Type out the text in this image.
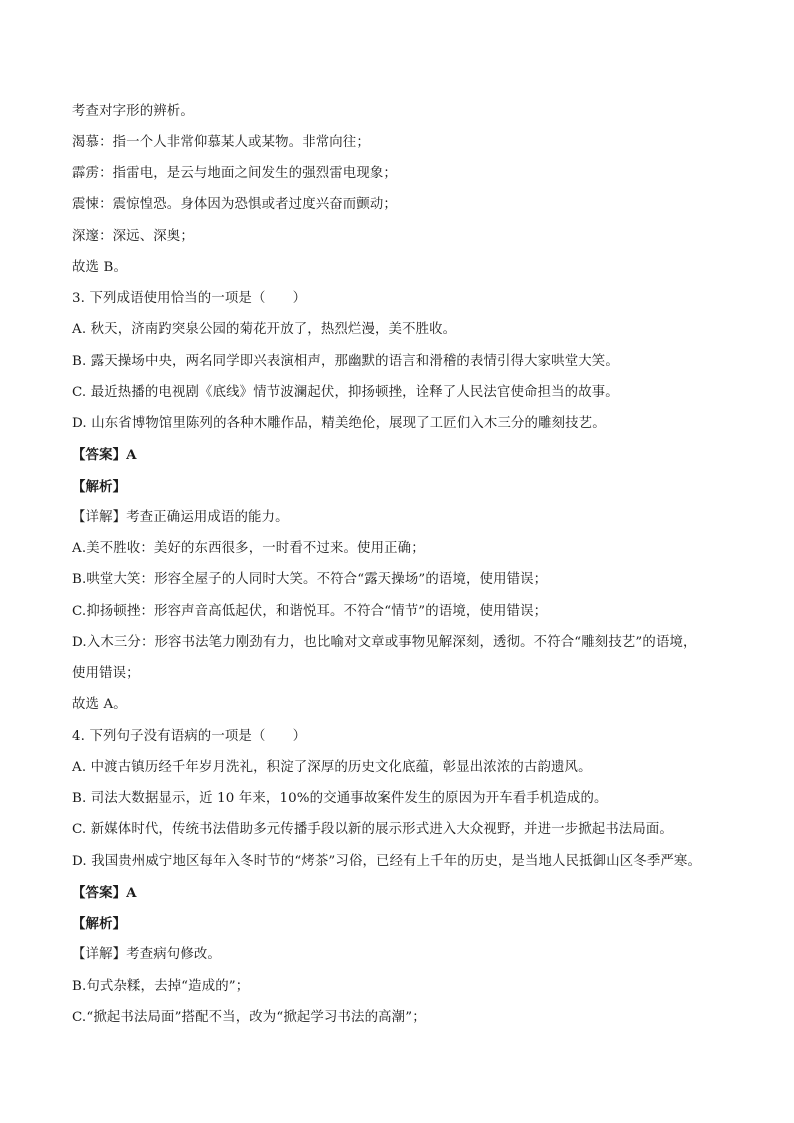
考查对字形的辨析。
渴慕：指一个人非常仰慕某人或某物。非常向往；
霹雳：指雷电，是云与地面之间发生的强烈雷电现象；
震悚：震惊惶恐。身体因为恐惧或者过度兴奋而颤动；
深邃：深远、深奥；
故选 B。
3. 下列成语使用恰当的一项是（　　）
A. 秋天，济南趵突泉公园的菊花开放了，热烈烂漫，美不胜收。
B. 露天操场中央，两名同学即兴表演相声，那幽默的语言和滑稽的表情引得大家哄堂大笑。
C. 最近热播的电视剧《底线》情节波澜起伏，抑扬顿挫，诠释了人民法官使命担当的故事。
D. 山东省博物馆里陈列的各种木雕作品，精美绝伦，展现了工匠们入木三分的雕刻技艺。
【答案】A
【解析】
【详解】考查正确运用成语的能力。
A.美不胜收：美好的东西很多，一时看不过来。使用正确；
B.哄堂大笑：形容全屋子的人同时大笑。不符合“露天操场”的语境，使用错误；
C.抑扬顿挫：形容声音高低起伏，和谐悦耳。不符合“情节”的语境，使用错误；
D.入木三分：形容书法笔力刚劲有力，也比喻对文章或事物见解深刻，透彻。不符合“雕刻技艺”的语境，
使用错误；
故选 A。
4. 下列句子没有语病的一项是（　　）
A. 中渡古镇历经千年岁月洗礼，积淀了深厚的历史文化底蕴，彰显出浓浓的古韵遗风。
B. 司法大数据显示，近 10 年来，10%的交通事故案件发生的原因为开车看手机造成的。
C. 新媒体时代，传统书法借助多元传播手段以新的展示形式进入大众视野，并进一步掀起书法局面。
D. 我国贵州威宁地区每年入冬时节的“烤茶”习俗，已经有上千年的历史，是当地人民抵御山区冬季严寒。
【答案】A
【解析】
【详解】考查病句修改。
B.句式杂糅，去掉“造成的”；
C.“掀起书法局面”搭配不当，改为“掀起学习书法的高潮”；
